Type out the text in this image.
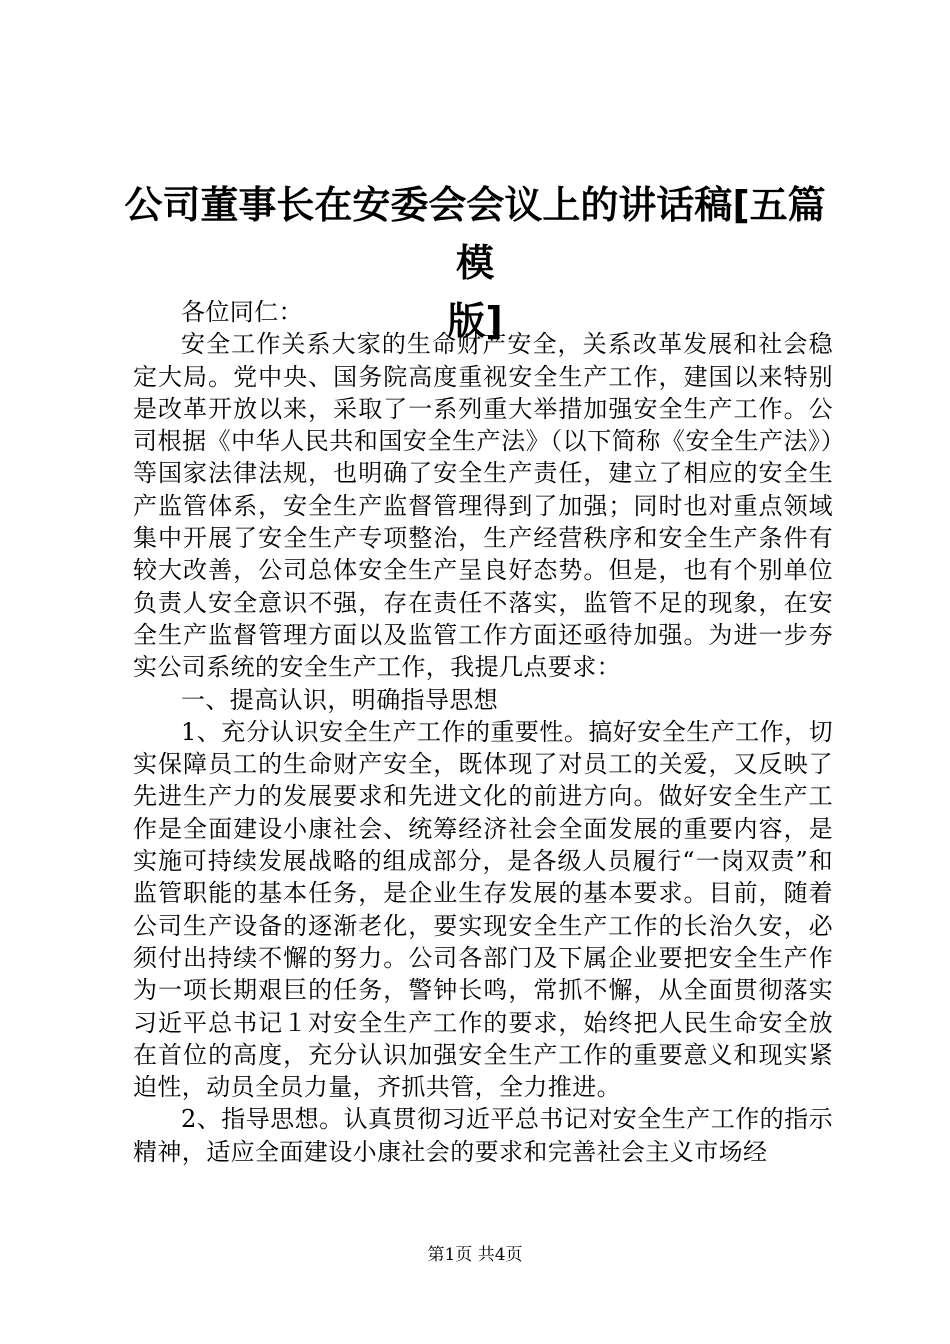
公司董事长在安委会会议上的讲话稿[五篇模
版]

各位同仁：

安全工作关系大家的生命财产安全，关系改革发展和社会稳定大局。党中央、国务院高度重视安全生产工作，建国以来特别是改革开放以来，采取了一系列重大举措加强安全生产工作。公司根据《中华人民共和国安全生产法》（以下简称《安全生产法》）等国家法律法规，也明确了安全生产责任，建立了相应的安全生产监管体系，安全生产监督管理得到了加强；同时也对重点领域集中开展了安全生产专项整治，生产经营秩序和安全生产条件有较大改善，公司总体安全生产呈良好态势。但是，也有个别单位负责人安全意识不强，存在责任不落实，监管不足的现象，在安全生产监督管理方面以及监管工作方面还亟待加强。为进一步夯实公司系统的安全生产工作，我提几点要求：

一、提高认识，明确指导思想

1、充分认识安全生产工作的重要性。搞好安全生产工作，切实保障员工的生命财产安全，既体现了对员工的关爱，又反映了先进生产力的发展要求和先进文化的前进方向。做好安全生产工作是全面建设小康社会、统筹经济社会全面发展的重要内容，是实施可持续发展战略的组成部分，是各级人员履行“一岗双责”和监管职能的基本任务，是企业生存发展的基本要求。目前，随着公司生产设备的逐渐老化，要实现安全生产工作的长治久安，必须付出持续不懈的努力。公司各部门及下属企业要把安全生产作为一项长期艰巨的任务，警钟长鸣，常抓不懈，从全面贯彻落实习近平总书记１对安全生产工作的要求，始终把人民生命安全放在首位的高度，充分认识加强安全生产工作的重要意义和现实紧迫性，动员全员力量，齐抓共管，全力推进。

2、指导思想。认真贯彻习近平总书记对安全生产工作的指示精神，适应全面建设小康社会的要求和完善社会主义市场经

第1页 共4页
